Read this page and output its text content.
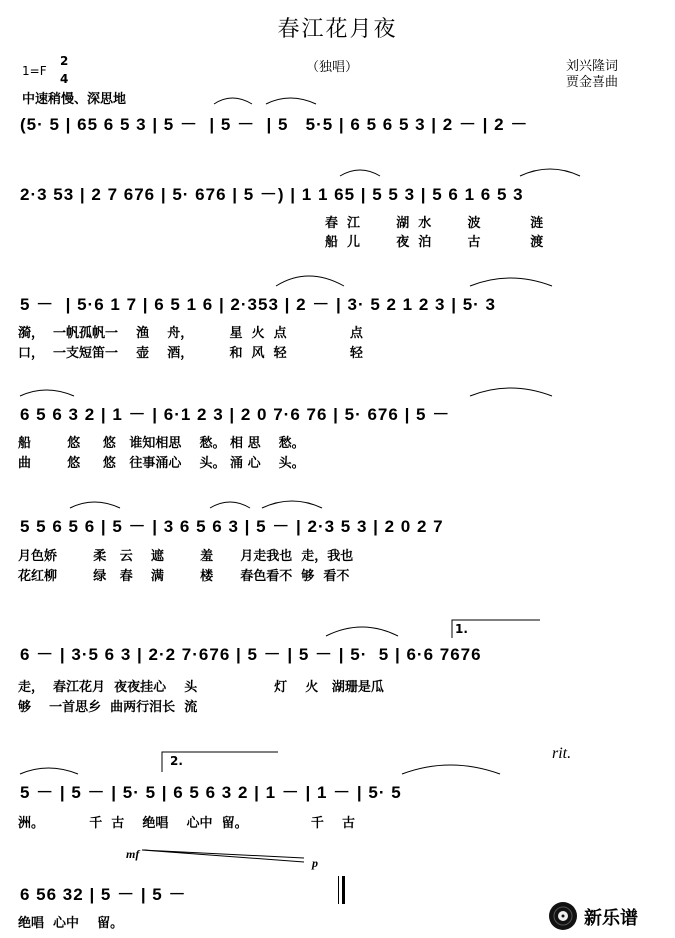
春江花月夜
（独唱）	刘兴隆词
贾金喜曲
1=F
2
4
中速稍慢、深思地
(5· 5 | 65 6 5 3 | 5 －  | 5 －  | 5   5·5 | 6 5 6 5 3 | 2 － | 2 －
2·3 53 | 2 7 676 | 5· 676 | 5 －) | 1 1 65 | 5 5 3 | 5 6 1 6 5 3
春  江        湖  水        波           涟
船  儿        夜  泊        古           渡
5 －  | 5·6 1 7 | 6 5 1 6 | 2·353 | 2 － | 3· 5 2 1 2 3 | 5· 3
漪，  一帆孤帆一    渔    舟，        星  火  点              点
口，  一支短笛一    壶    酒，        和  风  轻              轻
6 5 6 3 2 | 1 － | 6·1 2 3 | 2 0 7·6 76 | 5· 676 | 5 －
船        悠     悠   谁知相思    愁。 相 思    愁。
曲        悠     悠   往事涌心    头。 涌 心    头。
5 5 6 5 6 | 5 － | 3 6 5 6 3 | 5 － | 2·3 5 3 | 2 0 2 7
月色娇        柔   云    遮        羞      月走我也  走，我也
花红柳        绿   春    满        楼      春色看不  够  看不
1.
6 － | 3·5 6 3 | 2·2 7·676 | 5 － | 5 － | 5·  5 | 6·6 7676
走，  春江花月  夜夜挂心    头                 灯    火   湖珊是瓜
够    一首思乡  曲两行泪长  流
2.	rit.
5 － | 5 － | 5· 5 | 6 5 6 3 2 | 1 － | 1 － | 5· 5
洲。          千  古    绝唱    心中  留。              千    古
mf
p
6 56 32 | 5 － | 5 －
绝唱  心中    留。	新乐谱
